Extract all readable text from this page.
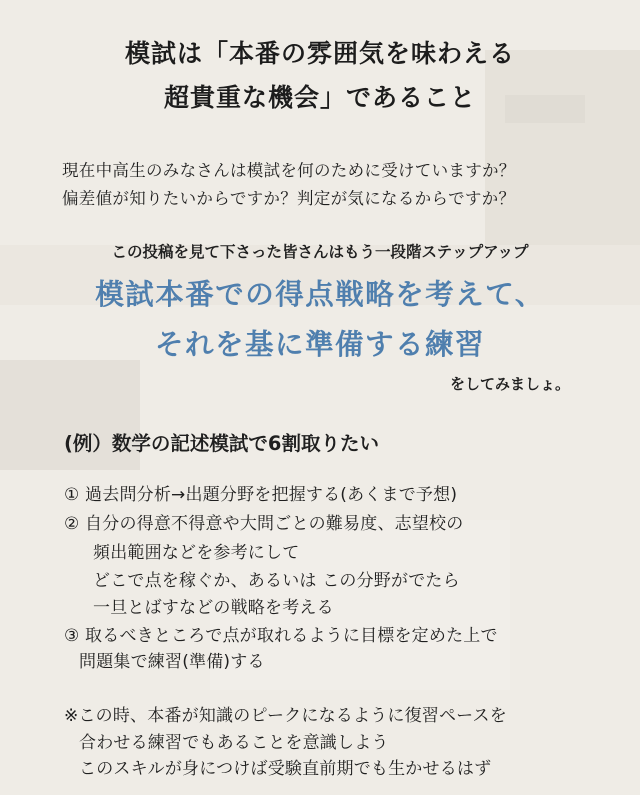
模試は「本番の雰囲気を味わえる
超貴重な機会」であること
現在中高生のみなさんは模試を何のために受けていますか？
偏差値が知りたいからですか？判定が気になるからですか？
この投稿を見て下さった皆さんはもう一段階ステップアップ
模試本番での得点戦略を考えて、
それを基に準備する練習
をしてみましょ。
(例）数学の記述模試で6割取りたい
① 過去問分析→出題分野を把握する(あくまで予想)
② 自分の得意不得意や大問ごとの難易度、志望校の
頻出範囲などを参考にして
どこで点を稼ぐか、あるいは この分野がでたら
一旦とばすなどの戦略を考える
③ 取るべきところで点が取れるように目標を定めた上で
問題集で練習(準備)する
※この時、本番が知識のピークになるように復習ペースを
合わせる練習でもあることを意識しよう
このスキルが身につけば受験直前期でも生かせるはず
